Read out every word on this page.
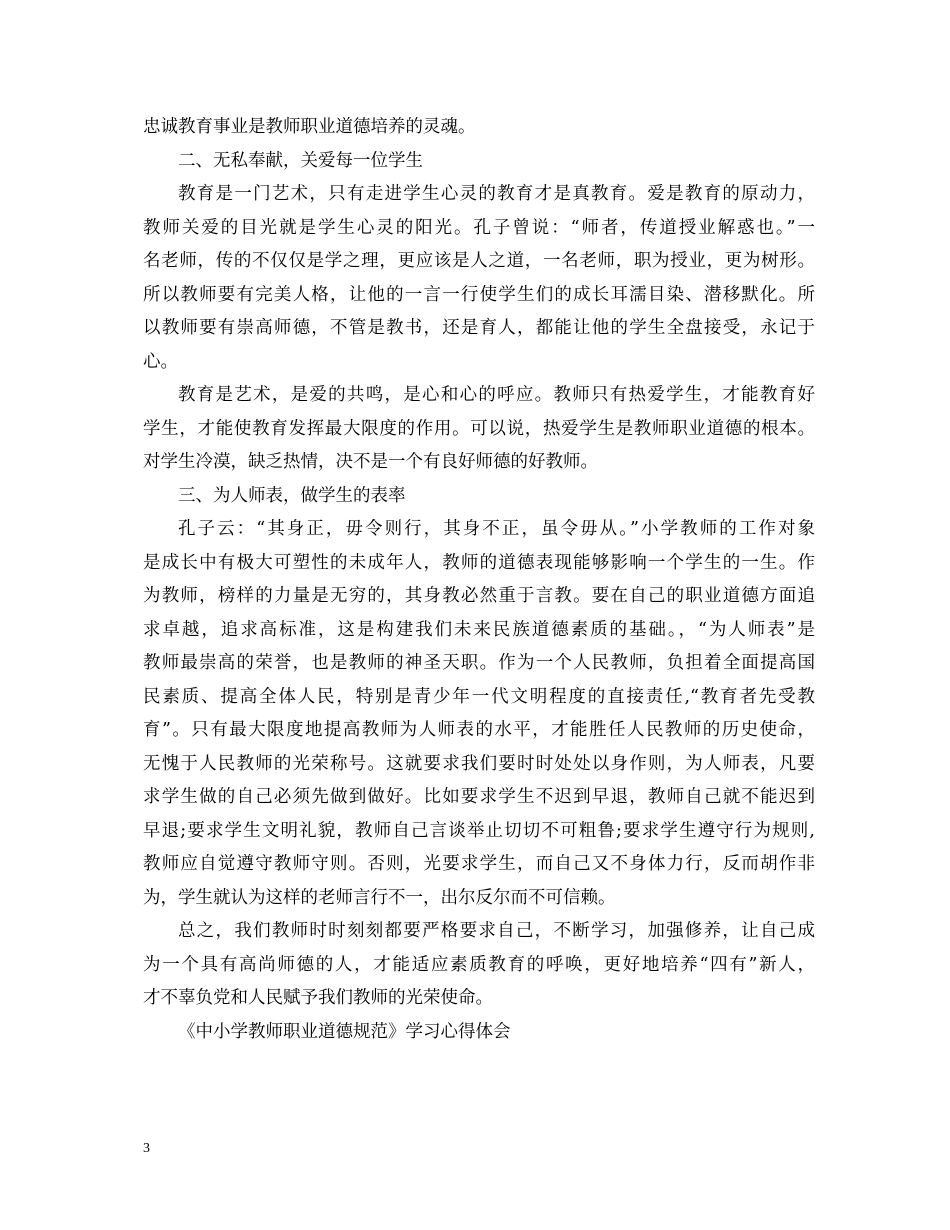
忠诚教育事业是教师职业道德培养的灵魂。
二、无私奉献，关爱每一位学生
教育是一门艺术，只有走进学生心灵的教育才是真教育。爱是教育的原动力，
教师关爱的目光就是学生心灵的阳光。孔子曾说：“师者，传道授业解惑也。”一
名老师，传的不仅仅是学之理，更应该是人之道，一名老师，职为授业，更为树形。
所以教师要有完美人格，让他的一言一行使学生们的成长耳濡目染、潜移默化。所
以教师要有崇高师德，不管是教书，还是育人，都能让他的学生全盘接受，永记于
心。
教育是艺术，是爱的共鸣，是心和心的呼应。教师只有热爱学生，才能教育好
学生，才能使教育发挥最大限度的作用。可以说，热爱学生是教师职业道德的根本。
对学生冷漠，缺乏热情，决不是一个有良好师德的好教师。
三、为人师表，做学生的表率
孔子云：“其身正，毋令则行，其身不正，虽令毋从。”小学教师的工作对象
是成长中有极大可塑性的未成年人，教师的道德表现能够影响一个学生的一生。作
为教师，榜样的力量是无穷的，其身教必然重于言教。要在自己的职业道德方面追
求卓越，追求高标准，这是构建我们未来民族道德素质的基础。，“为人师表”是
教师最崇高的荣誉，也是教师的神圣天职。作为一个人民教师，负担着全面提高国
民素质、提高全体人民，特别是青少年一代文明程度的直接责任,“教育者先受教
育”。只有最大限度地提高教师为人师表的水平，才能胜任人民教师的历史使命，
无愧于人民教师的光荣称号。这就要求我们要时时处处以身作则，为人师表，凡要
求学生做的自己必须先做到做好。比如要求学生不迟到早退，教师自己就不能迟到
早退;要求学生文明礼貌，教师自己言谈举止切切不可粗鲁;要求学生遵守行为规则,
教师应自觉遵守教师守则。否则，光要求学生，而自己又不身体力行，反而胡作非
为，学生就认为这样的老师言行不一，出尔反尔而不可信赖。
总之，我们教师时时刻刻都要严格要求自己，不断学习，加强修养，让自己成
为一个具有高尚师德的人，才能适应素质教育的呼唤，更好地培养“四有”新人，
才不辜负党和人民赋予我们教师的光荣使命。
《中小学教师职业道德规范》学习心得体会
3
